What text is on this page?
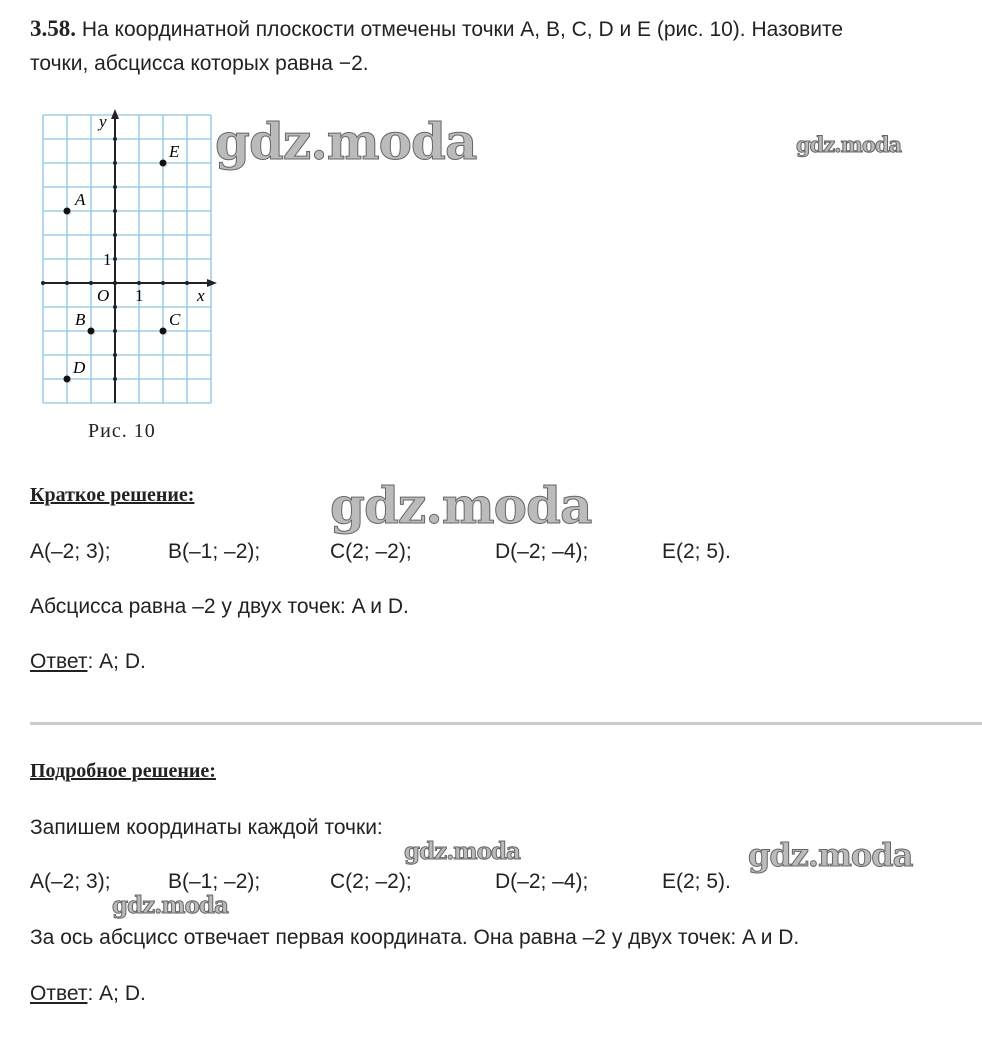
3.58. На координатной плоскости отмечены точки A, B, C, D и E (рис. 10). Назовите
точки, абсцисса которых равна −2.
x
y
O 1
1
A
B	C
D
E
Рис. 10
gdz.moda	gdz.moda
gdz.moda
gdz.moda	gdz.moda
gdz.moda
Краткое решение:
A(–2; 3);	B(–1; –2);	C(2; –2);	D(–2; –4);	E(2; 5).
Абсцисса равна –2 у двух точек: A и D.
Ответ: A; D.
Подробное решение:
Запишем координаты каждой точки:
A(–2; 3);	B(–1; –2);	C(2; –2);	D(–2; –4);	E(2; 5).
За ось абсцисс отвечает первая координата. Она равна –2 у двух точек: A и D.
Ответ: A; D.
